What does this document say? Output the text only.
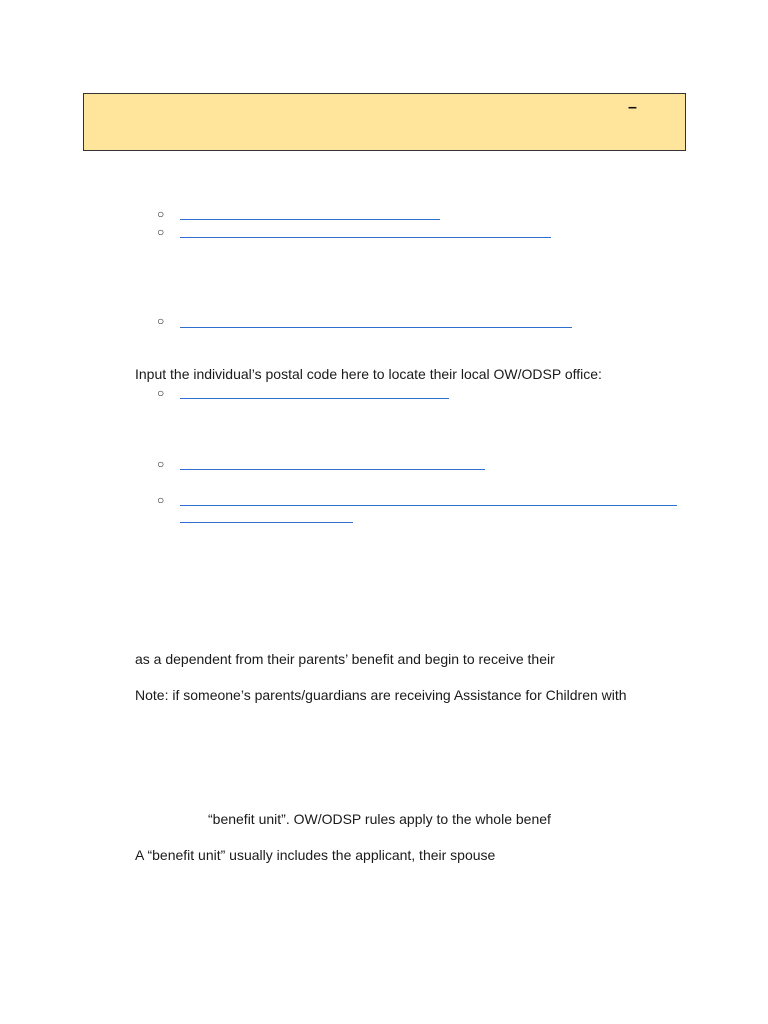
–
○
○
○
Input the individual’s postal code here to locate their local OW/ODSP office:
○
○
○
as a dependent from their parents’ benefit and begin to receive their
Note: if someone’s parents/guardians are receiving Assistance for Children with
“benefit unit”. OW/ODSP rules apply to the whole benef
A “benefit unit” usually includes the applicant, their spouse
